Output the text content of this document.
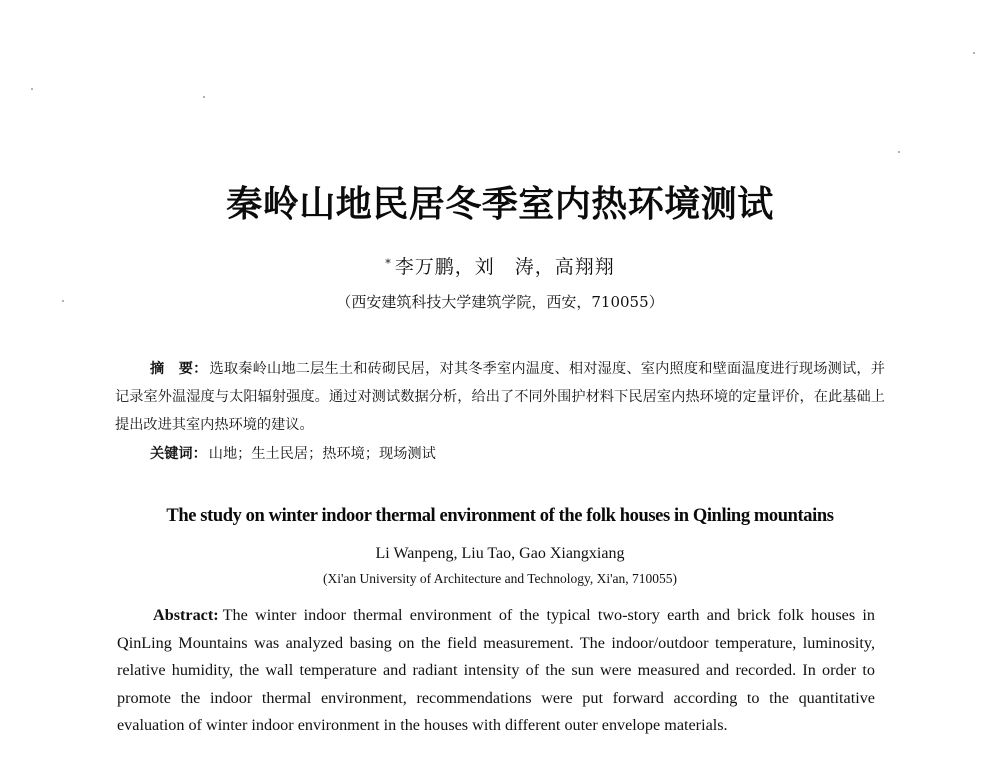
秦岭山地民居冬季室内热环境测试
* 李万鹏，刘　涛，高翔翔
（西安建筑科技大学建筑学院，西安，710055）

摘　要： 选取秦岭山地二层生土和砖砌民居，对其冬季室内温度、相对湿度、室内照度和壁面温度进行现场测试，并记录室外温湿度与太阳辐射强度。通过对测试数据分析，给出了不同外围护材料下民居室内热环境的定量评价，在此基础上提出改进其室内热环境的建议。

关键词： 山地；生土民居；热环境；现场测试

The study on winter indoor thermal environment of the folk houses in Qinling mountains
Li Wanpeng, Liu Tao, Gao Xiangxiang
(Xi'an University of Architecture and Technology, Xi'an, 710055)

Abstract: The winter indoor thermal environment of the typical two-story earth and brick folk houses in QinLing Mountains was analyzed basing on the field measurement. The indoor/outdoor temperature, luminosity, relative humidity, the wall temperature and radiant intensity of the sun were measured and recorded. In order to promote the indoor thermal environment, recommendations were put forward according to the quantitative evaluation of winter indoor environment in the houses with different outer envelope materials.
